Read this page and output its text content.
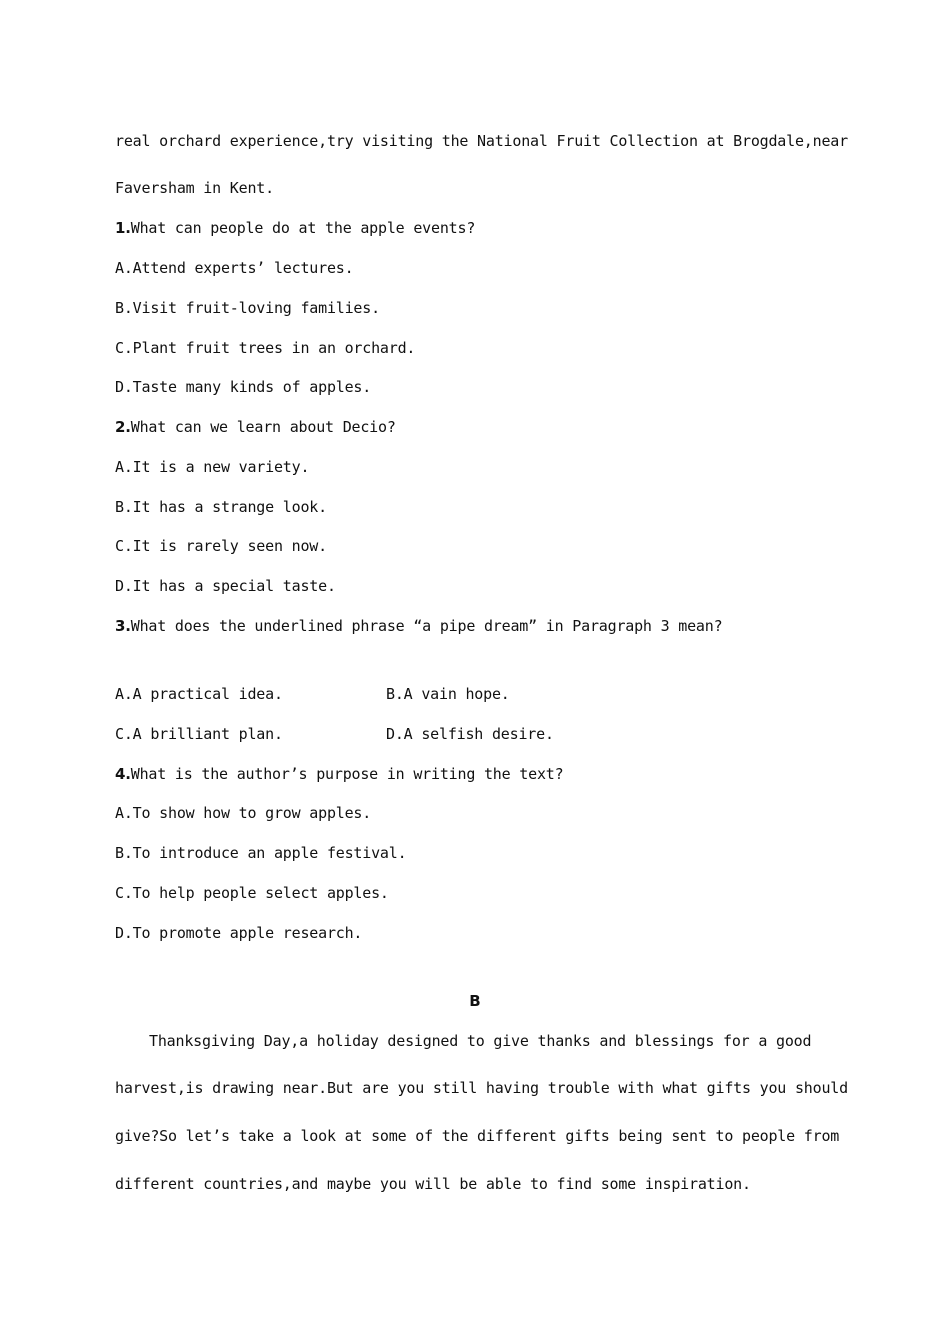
real orchard experience,try visiting the National Fruit Collection at Brogdale,near
Faversham in Kent.
1.What can people do at the apple events?
A.Attend experts’ lectures.
B.Visit fruit-loving families.
C.Plant fruit trees in an orchard.
D.Taste many kinds of apples.
2.What can we learn about Decio?
A.It is a new variety.
B.It has a strange look.
C.It is rarely seen now.
D.It has a special taste.
3.What does the underlined phrase “a pipe dream” in Paragraph 3 mean?
A.A practical idea.	B.A vain hope.
C.A brilliant plan.	D.A selfish desire.
4.What is the author’s purpose in writing the text?
A.To show how to grow apples.
B.To introduce an apple festival.
C.To help people select apples.
D.To promote apple research.
B
Thanksgiving Day,a holiday designed to give thanks and blessings for a good
harvest,is drawing near.But are you still having trouble with what gifts you should
give?So let’s take a look at some of the different gifts being sent to people from
different countries,and maybe you will be able to find some inspiration.
